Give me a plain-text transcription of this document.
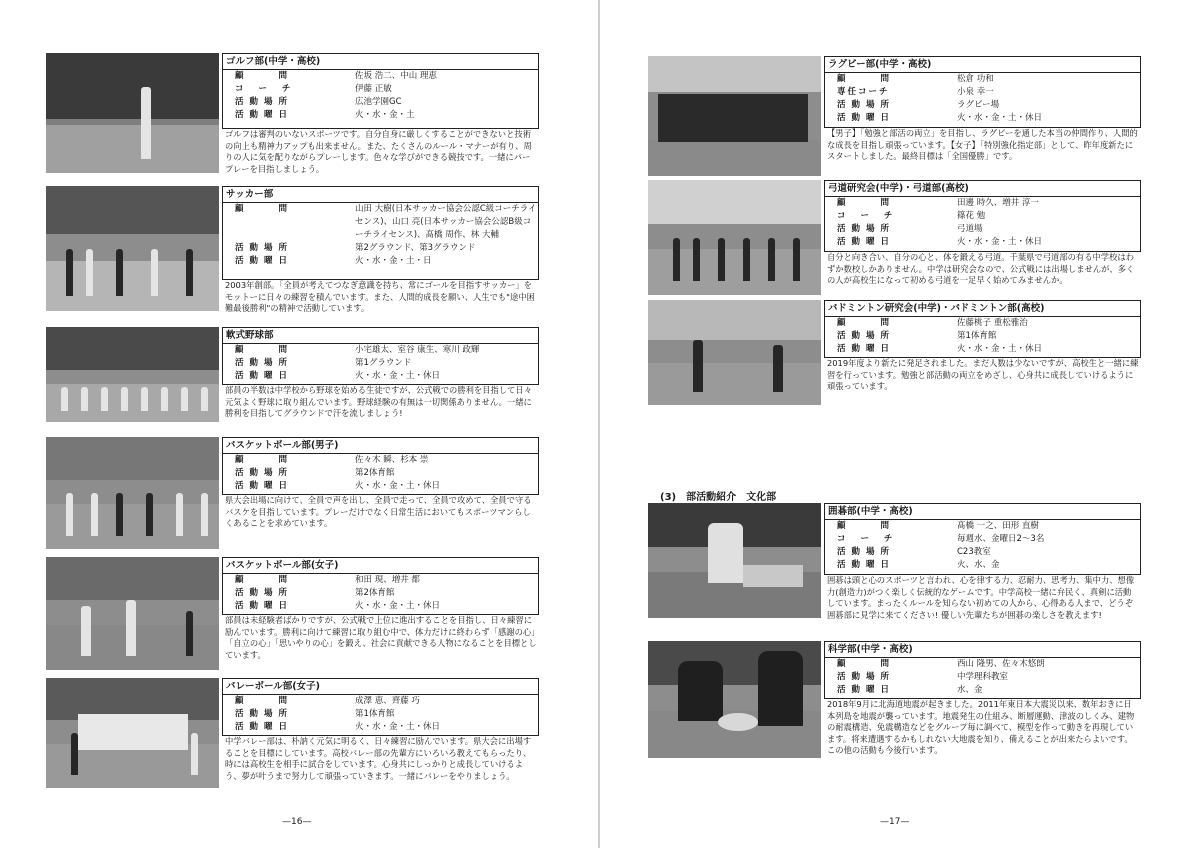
ゴルフ部(中学・高校)
顧　　問	佐坂 浩二、中山 理恵
コ ー チ	伊藤 正敏
活動場所	広池学園GC
活動曜日	火・水・金・土

ゴルフは審判のいないスポーツです。自分自身に厳しくすることができないと技術の向上も精神力アップも出来ません。また、たくさんのルール・マナーが有り、周りの人に気を配りながらプレーします。色々な学びができる競技です。一緒にパープレーを目指しましょう。

サッカー部
顧　　問	山田 大樹(日本サッカー協会公認C級コーチライセンス)、山口 亮(日本サッカー協会公認B級コーチライセンス)、髙橋 周作、林 大輔
活動場所	第2グラウンド、第3グラウンド
活動曜日	火・水・金・土・日

2003年創部。「全員が考えてつなぎ意識を持ち、常にゴールを目指すサッカー」をモットーに日々の練習を積んでいます。また、人間的成長を願い、人生でも"途中困難最後勝利"の精神で活動しています。

軟式野球部
顧　　問	小宅雄太、室谷 康生、寒川 政輝
活動場所	第1グラウンド
活動曜日	火・水・金・土・休日

部員の半数は中学校から野球を始める生徒ですが、公式戦での勝利を目指して日々元気よく野球に取り組んでいます。野球経験の有無は一切関係ありません。一緒に勝利を目指してグラウンドで汗を流しましょう!

バスケットボール部(男子)
顧　　問	佐々木 瞬、杉本 崇
活動場所	第2体育館
活動曜日	火・水・金・土・休日

県大会出場に向けて、全員で声を出し、全員で走って、全員で攻めて、全員で守るバスケを目指しています。プレーだけでなく日常生活においてもスポーツマンらしくあることを求めています。

バスケットボール部(女子)
顧　　問	和田 現、増井 都
活動場所	第2体育館
活動曜日	火・水・金・土・休日

部員は未経験者ばかりですが、公式戦で上位に進出することを目指し、日々練習に励んでいます。勝利に向けて練習に取り組む中で、体力だけに終わらず「感謝の心」「自立の心」「思いやりの心」を鍛え、社会に貢献できる人物になることを目標としています。

バレーボール部(女子)
顧　　問	成澤 恵、齊藤 巧
活動場所	第1体育館
活動曜日	火・水・金・土・休日

中学バレー部は、朴訥く元気に明るく、日々練習に励んでいます。県大会に出場することを目標にしています。高校バレー部の先輩方にいろいろ教えてもらったり、時には高校生を相手に試合をしています。心身共にしっかりと成長していけるよう、夢が叶うまで努力して頑張っていきます。一緒にバレーをやりましょう。

—16—
ラグビー部(中学・高校)
顧　　問	松倉 功和
専任コーチ	小泉 幸一
活動場所	ラグビー場
活動曜日	火・水・金・土・休日

【男子】「勉強と部活の両立」を目指し、ラグビーを通した本当の仲間作り、人間的な成長を目指し頑張っています。【女子】「特別強化指定部」として、昨年度新たにスタートしました。最終目標は「全国優勝」です。

弓道研究会(中学)・弓道部(高校)
顧　　問	田邊 時久、増井 淳一
コ ー チ	篠花 勉
活動場所	弓道場
活動曜日	火・水・金・土・休日

自分と向き合い、自分の心と、体を鍛える弓道。千葉県で弓道部の有る中学校はわずか数校しかありません。中学は研究会なので、公式戦には出場しませんが、多くの人が高校生になって初める弓道を一足早く始めてみませんか。

バドミントン研究会(中学)・バドミントン部(高校)
顧　　問	佐藤桃子 重松雅治
活動場所	第1体育館
活動曜日	火・水・金・土・休日

2019年度より新たに発足されました。まだ人数は少ないですが、高校生と一緒に練習を行っています。勉強と部活動の両立をめざし、心身共に成長していけるように頑張っています。

(3)　部活動紹介　文化部
囲碁部(中学・高校)
顧　　問	髙橋 一之、田形 直樹
コ ー チ	毎週水、金曜日2～3名
活動場所	C23教室
活動曜日	火、水、金

囲碁は頭と心のスポーツと言われ、心を律する力、忍耐力、思考力、集中力、想像力(創造力)がつく楽しく伝統的なゲームです。中学高校一緒に弁民く、真剣に活動しています。まったくルールを知らない初めての人から、心得ある人まで、どうぞ囲碁部に見学に来てください! 優しい先輩たちが囲碁の楽しさを教えます!

科学部(中学・高校)
顧　　問	西山 隆男、佐々木悠朗
活動場所	中学理科教室
活動曜日	水、金

2018年9月に北海道地震が起きました。2011年東日本大震災以来、数年おきに日本列島を地震が襲っています。地震発生の仕組み、断層運動、津波のしくみ、建物の耐震構造、免震構造などをグループ毎に調べて、模型を作って動きを再現しています。将来遭遇するかもしれない大地震を知り、備えることが出来たらよいです。この他の活動も今後行います。

—17—
